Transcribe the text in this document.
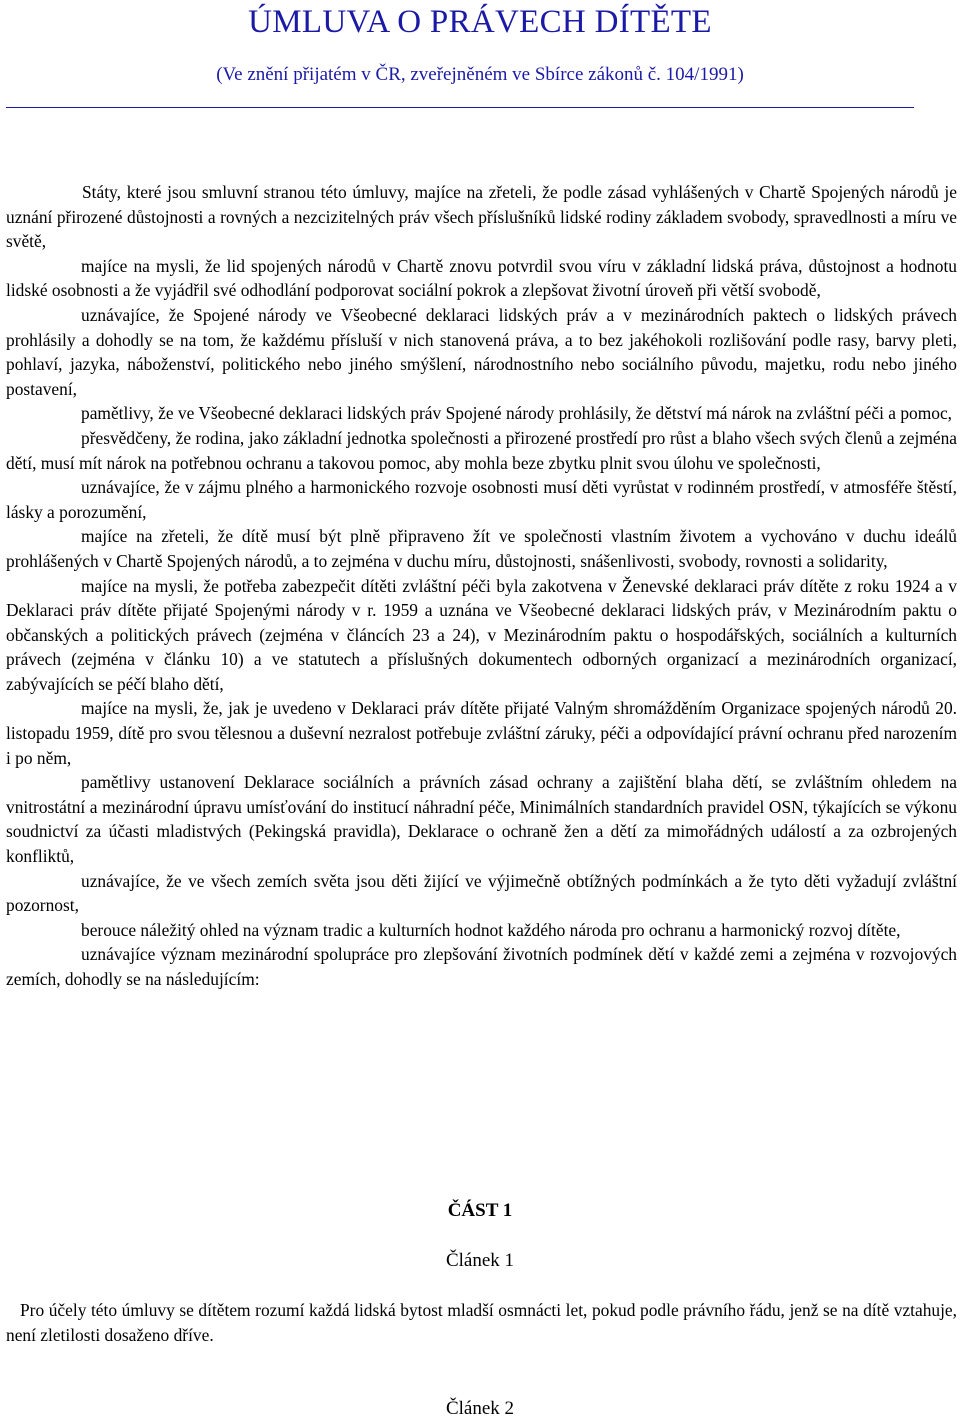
ÚMLUVA O PRÁVECH DÍTĚTE
(Ve znění přijatém v ČR, zveřejněném ve Sbírce zákonů č. 104/1991)

Státy, které jsou smluvní stranou této úmluvy, majíce na zřeteli, že podle zásad vyhlášených v Chartě Spojených národů je uznání přirozené důstojnosti a rovných a nezcizitelných práv všech příslušníků lidské rodiny základem svobody, spravedlnosti a míru ve světě,

majíce na mysli, že lid spojených národů v Chartě znovu potvrdil svou víru v základní lidská práva, důstojnost a hodnotu lidské osobnosti a že vyjádřil své odhodlání podporovat sociální pokrok a zlepšovat životní úroveň při větší svobodě,

uznávajíce, že Spojené národy ve Všeobecné deklaraci lidských práv a v mezinárodních paktech o lidských právech prohlásily a dohodly se na tom, že každému přísluší v nich stanovená práva, a to bez jakéhokoli rozlišování podle rasy, barvy pleti, pohlaví, jazyka, náboženství, politického nebo jiného smýšlení, národnostního nebo sociálního původu, majetku, rodu nebo jiného postavení,

pamětlivy, že ve Všeobecné deklaraci lidských práv Spojené národy prohlásily, že dětství má nárok na zvláštní péči a pomoc,

přesvědčeny, že rodina, jako základní jednotka společnosti a přirozené prostředí pro růst a blaho všech svých členů a zejména dětí, musí mít nárok na potřebnou ochranu a takovou pomoc, aby mohla beze zbytku plnit svou úlohu ve společnosti,

uznávajíce, že v zájmu plného a harmonického rozvoje osobnosti musí děti vyrůstat v rodinném prostředí, v atmosféře štěstí, lásky a porozumění,

majíce na zřeteli, že dítě musí být plně připraveno žít ve společnosti vlastním životem a vychováno v duchu ideálů prohlášených v Chartě Spojených národů, a to zejména v duchu míru, důstojnosti, snášenlivosti, svobody, rovnosti a solidarity,

majíce na mysli, že potřeba zabezpečit dítěti zvláštní péči byla zakotvena v Ženevské deklaraci práv dítěte z roku 1924 a v Deklaraci práv dítěte přijaté Spojenými národy v r. 1959 a uznána ve Všeobecné deklaraci lidských práv, v Mezinárodním paktu o občanských a politických právech (zejména v článcích 23 a 24), v Mezinárodním paktu o hospodářských, sociálních a kulturních právech (zejména v článku 10) a ve statutech a příslušných dokumentech odborných organizací a mezinárodních organizací, zabývajících se péčí blaho dětí,

majíce na mysli, že, jak je uvedeno v Deklaraci práv dítěte přijaté Valným shromážděním Organizace spojených národů 20. listopadu 1959, dítě pro svou tělesnou a duševní nezralost potřebuje zvláštní záruky, péči a odpovídající právní ochranu před narozením i po něm,

pamětlivy ustanovení Deklarace sociálních a právních zásad ochrany a zajištění blaha dětí, se zvláštním ohledem na vnitrostátní a mezinárodní úpravu umísťování do institucí náhradní péče, Minimálních standardních pravidel OSN, týkajících se výkonu soudnictví za účasti mladistvých (Pekingská pravidla), Deklarace o ochraně žen a dětí za mimořádných událostí a za ozbrojených konfliktů,

uznávajíce, že ve všech zemích světa jsou děti žijící ve výjimečně obtížných podmínkách a že tyto děti vyžadují zvláštní pozornost,

berouce náležitý ohled na význam tradic a kulturních hodnot každého národa pro ochranu a harmonický rozvoj dítěte,

uznávajíce význam mezinárodní spolupráce pro zlepšování životních podmínek dětí v každé zemi a zejména v rozvojových zemích, dohodly se na následujícím:

ČÁST 1
Článek 1

Pro účely této úmluvy se dítětem rozumí každá lidská bytost mladší osmnácti let, pokud podle právního řádu, jenž se na dítě vztahuje, není zletilosti dosaženo dříve.

Článek 2
